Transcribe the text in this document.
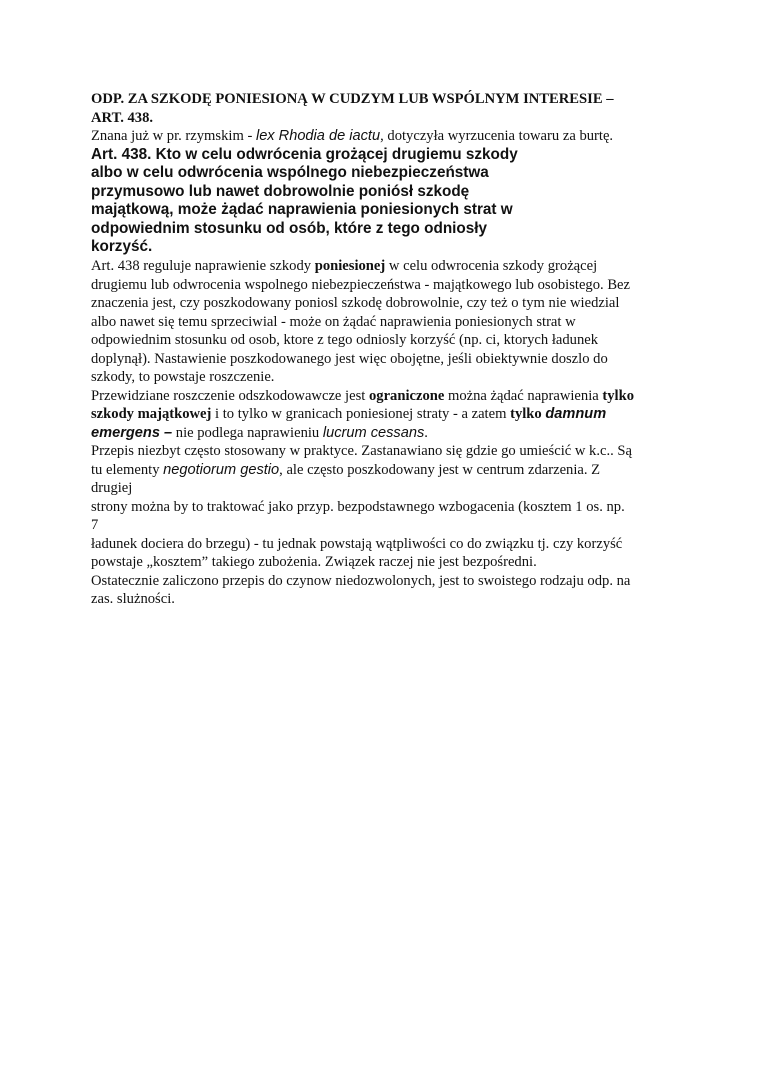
ODP. ZA SZKODĘ PONIESIONĄ W CUDZYM LUB WSPÓLNYM INTERESIE –
ART. 438.

Znana już w pr. rzymskim ‐ lex Rhodia de iactu, dotyczyła wyrzucenia towaru za burtę.

Art. 438. Kto w celu odwrócenia grożącej drugiemu szkody
albo w celu odwrócenia wspólnego niebezpieczeństwa
przymusowo lub nawet dobrowolnie poniósł szkodę
majątkową, może żądać naprawienia poniesionych strat w
odpowiednim stosunku od osób, które z tego odniosły
korzyść.
Art. 438 reguluje naprawienie szkody poniesionej w celu odwrocenia szkody grożącej
drugiemu lub odwrocenia wspolnego niebezpieczeństwa ‐ majątkowego lub osobistego. Bez
znaczenia jest, czy poszkodowany poniosl szkodę dobrowolnie, czy też o tym nie wiedzial
albo nawet się temu sprzeciwial ‐ może on żądać naprawienia poniesionych strat w
odpowiednim stosunku od osob, ktore z tego odniosly korzyść (np. ci, ktorych ładunek
doplynął). Nastawienie poszkodowanego jest więc obojętne, jeśli obiektywnie doszlo do
szkody, to powstaje roszczenie.
Przewidziane roszczenie odszkodowawcze jest ograniczone można żądać naprawienia tylko
szkody majątkowej i to tylko w granicach poniesionej straty ‐ a zatem tylko damnum
emergens – nie podlega naprawieniu lucrum cessans.
Przepis niezbyt często stosowany w praktyce. Zastanawiano się gdzie go umieścić w k.c.. Są
tu elementy negotiorum gestio, ale często poszkodowany jest w centrum zdarzenia. Z
drugiej
strony można by to traktować jako przyp. bezpodstawnego wzbogacenia (kosztem 1 os. np.
7
ładunek dociera do brzegu) ‐ tu jednak powstają wątpliwości co do związku tj. czy korzyść
powstaje „kosztem” takiego zubożenia. Związek raczej nie jest bezpośredni.
Ostatecznie zaliczono przepis do czynow niedozwolonych, jest to swoistego rodzaju odp. na
zas. slużności.
